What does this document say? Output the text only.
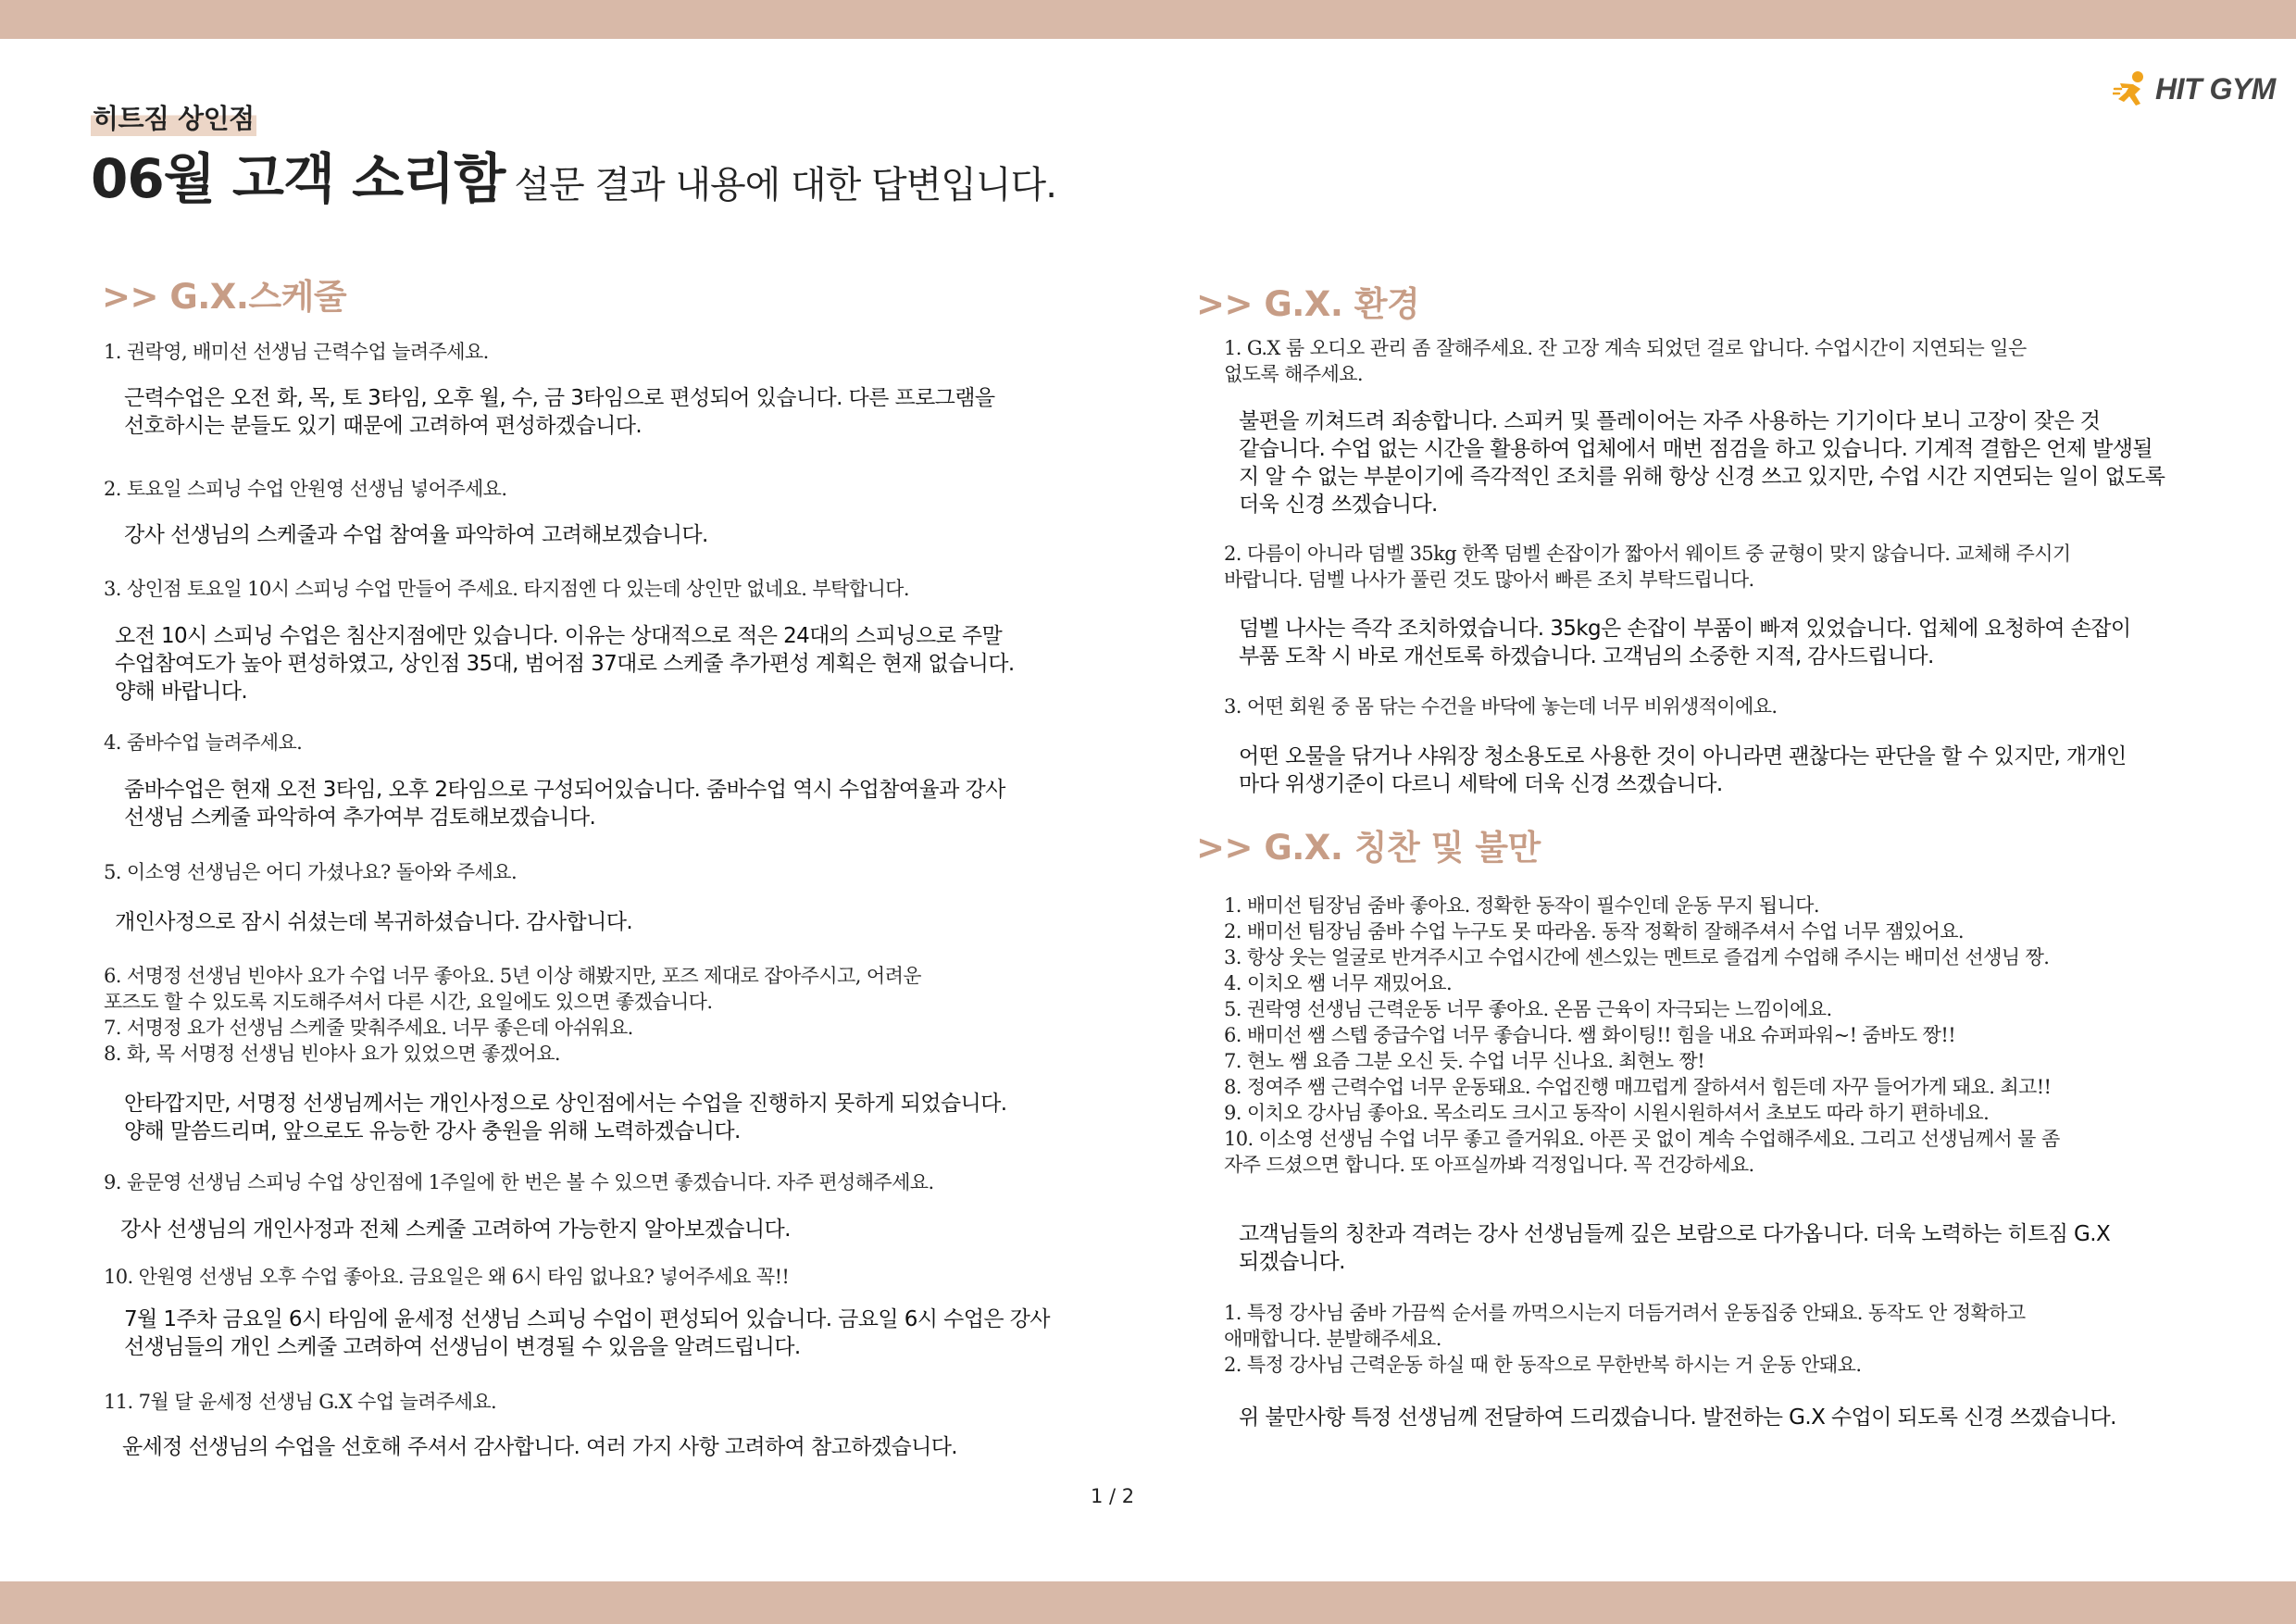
히트짐 상인점
06월 고객 소리함 설문 결과 내용에 대한 답변입니다.
HIT GYM
>> G.X.스케줄
1. 권락영, 배미선 선생님 근력수업 늘려주세요.
근력수업은 오전 화, 목, 토 3타임, 오후 월, 수, 금 3타임으로 편성되어 있습니다. 다른 프로그램을
선호하시는 분들도 있기 때문에 고려하여 편성하겠습니다.
2. 토요일 스피닝 수업 안원영 선생님 넣어주세요.
강사 선생님의 스케줄과 수업 참여율 파악하여 고려해보겠습니다.
3. 상인점 토요일 10시 스피닝 수업 만들어 주세요. 타지점엔 다 있는데 상인만 없네요. 부탁합니다.
오전 10시 스피닝 수업은 침산지점에만 있습니다. 이유는 상대적으로 적은 24대의 스피닝으로 주말
수업참여도가 높아 편성하였고, 상인점 35대, 범어점 37대로 스케줄 추가편성 계획은 현재 없습니다.
양해 바랍니다.
4. 줌바수업 늘려주세요.
줌바수업은 현재 오전 3타임, 오후 2타임으로 구성되어있습니다. 줌바수업 역시 수업참여율과 강사
선생님 스케줄 파악하여 추가여부 검토해보겠습니다.
5. 이소영 선생님은 어디 가셨나요? 돌아와 주세요.
개인사정으로 잠시 쉬셨는데 복귀하셨습니다. 감사합니다.
6. 서명정 선생님 빈야사 요가 수업 너무 좋아요. 5년 이상 해봤지만, 포즈 제대로 잡아주시고, 어려운
포즈도 할 수 있도록 지도해주셔서 다른 시간, 요일에도 있으면 좋겠습니다.
7. 서명정 요가 선생님 스케줄 맞춰주세요. 너무 좋은데 아쉬워요.
8. 화, 목 서명정 선생님 빈야사 요가 있었으면 좋겠어요.
안타깝지만, 서명정 선생님께서는 개인사정으로 상인점에서는 수업을 진행하지 못하게 되었습니다.
양해 말씀드리며, 앞으로도 유능한 강사 충원을 위해 노력하겠습니다.
9. 윤문영 선생님 스피닝 수업 상인점에 1주일에 한 번은 볼 수 있으면 좋겠습니다. 자주 편성해주세요.
강사 선생님의 개인사정과 전체 스케줄 고려하여 가능한지 알아보겠습니다.
10. 안원영 선생님 오후 수업 좋아요. 금요일은 왜 6시 타임 없나요? 넣어주세요 꼭!!
7월 1주차 금요일 6시 타임에 윤세정 선생님 스피닝 수업이 편성되어 있습니다. 금요일 6시 수업은 강사
선생님들의 개인 스케줄 고려하여 선생님이 변경될 수 있음을 알려드립니다.
11. 7월 달 윤세정 선생님 G.X 수업 늘려주세요.
윤세정 선생님의 수업을 선호해 주셔서 감사합니다. 여러 가지 사항 고려하여 참고하겠습니다.
>> G.X. 환경
1. G.X 룸 오디오 관리 좀 잘해주세요. 잔 고장 계속 되었던 걸로 압니다. 수업시간이 지연되는 일은
없도록 해주세요.
불편을 끼쳐드려 죄송합니다. 스피커 및 플레이어는 자주 사용하는 기기이다 보니 고장이 잦은 것
같습니다. 수업 없는 시간을 활용하여 업체에서 매번 점검을 하고 있습니다. 기계적 결함은 언제 발생될
지 알 수 없는 부분이기에 즉각적인 조치를 위해 항상 신경 쓰고 있지만, 수업 시간 지연되는 일이 없도록
더욱 신경 쓰겠습니다.
2. 다름이 아니라 덤벨 35kg 한쪽 덤벨 손잡이가 짧아서 웨이트 중 균형이 맞지 않습니다. 교체해 주시기
바랍니다. 덤벨 나사가 풀린 것도 많아서 빠른 조치 부탁드립니다.
덤벨 나사는 즉각 조치하였습니다. 35kg은 손잡이 부품이 빠져 있었습니다. 업체에 요청하여 손잡이
부품 도착 시 바로 개선토록 하겠습니다. 고객님의 소중한 지적, 감사드립니다.
3. 어떤 회원 중 몸 닦는 수건을 바닥에 놓는데 너무 비위생적이에요.
어떤 오물을 닦거나 샤워장 청소용도로 사용한 것이 아니라면 괜찮다는 판단을 할 수 있지만, 개개인
마다 위생기준이 다르니 세탁에 더욱 신경 쓰겠습니다.
>> G.X. 칭찬 및 불만
1. 배미선 팀장님 줌바 좋아요. 정확한 동작이 필수인데 운동 무지 됩니다.
2. 배미선 팀장님 줌바 수업 누구도 못 따라옴. 동작 정확히 잘해주셔서 수업 너무 잼있어요.
3. 항상 웃는 얼굴로 반겨주시고 수업시간에 센스있는 멘트로 즐겁게 수업해 주시는 배미선 선생님 짱.
4. 이치오 쌤 너무 재밌어요.
5. 권락영 선생님 근력운동 너무 좋아요. 온몸 근육이 자극되는 느낌이에요.
6. 배미선 쌤 스텝 중급수업 너무 좋습니다. 쌤 화이팅!! 힘을 내요 슈퍼파워~! 줌바도 짱!!
7. 현노 쌤 요즘 그분 오신 듯. 수업 너무 신나요. 최현노 짱!
8. 정여주 쌤 근력수업 너무 운동돼요. 수업진행 매끄럽게 잘하셔서 힘든데 자꾸 들어가게 돼요. 최고!!
9. 이치오 강사님 좋아요. 목소리도 크시고 동작이 시원시원하셔서 초보도 따라 하기 편하네요.
10. 이소영 선생님 수업 너무 좋고 즐거워요. 아픈 곳 없이 계속 수업해주세요. 그리고 선생님께서 물 좀
자주 드셨으면 합니다. 또 아프실까봐 걱정입니다. 꼭 건강하세요.
고객님들의 칭찬과 격려는 강사 선생님들께 깊은 보람으로 다가옵니다. 더욱 노력하는 히트짐 G.X
되겠습니다.
1. 특정 강사님 줌바 가끔씩 순서를 까먹으시는지 더듬거려서 운동집중 안돼요. 동작도 안 정확하고
애매합니다. 분발해주세요.
2. 특정 강사님 근력운동 하실 때 한 동작으로 무한반복 하시는 거 운동 안돼요.
위 불만사항 특정 선생님께 전달하여 드리겠습니다. 발전하는 G.X 수업이 되도록 신경 쓰겠습니다.
1 / 2
